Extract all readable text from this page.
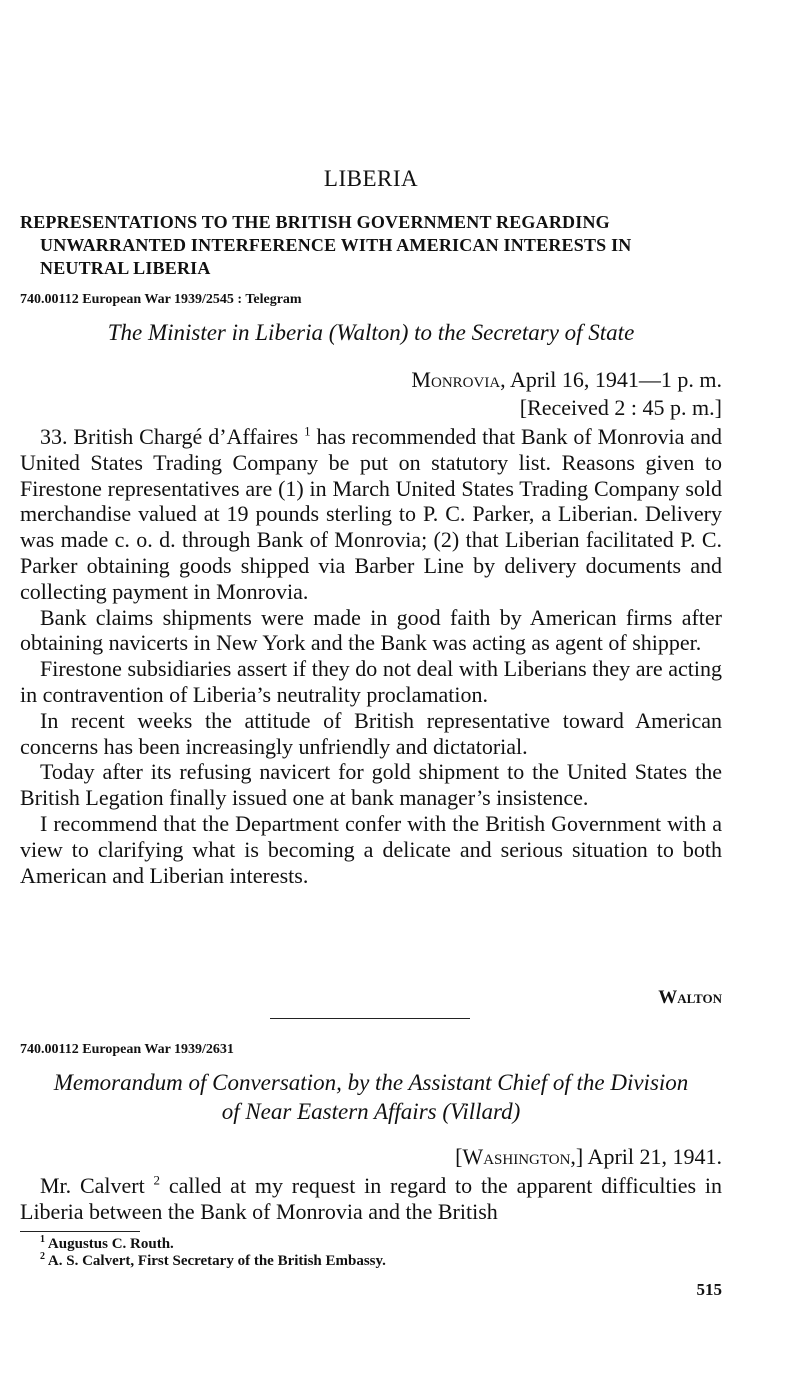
LIBERIA
REPRESENTATIONS TO THE BRITISH GOVERNMENT REGARDING
UNWARRANTED INTERFERENCE WITH AMERICAN INTERESTS IN
NEUTRAL LIBERIA
740.00112 European War 1939/2545 : Telegram
The Minister in Liberia (Walton) to the Secretary of State
Monrovia, April 16, 1941—1 p. m.
[Received 2 : 45 p. m.]

33. British Chargé d’Affaires $^1$ has recommended that Bank of Monrovia and United States Trading Company be put on statutory list. Reasons given to Firestone representatives are (1) in March United States Trading Company sold merchandise valued at 19 pounds sterling to P. C. Parker, a Liberian. Delivery was made c. o. d. through Bank of Monrovia; (2) that Liberian facilitated P. C. Parker obtaining goods shipped via Barber Line by delivery documents and collecting payment in Monrovia.

Bank claims shipments were made in good faith by American firms after obtaining navicerts in New York and the Bank was acting as agent of shipper.

Firestone subsidiaries assert if they do not deal with Liberians they are acting in contravention of Liberia’s neutrality proclamation.

In recent weeks the attitude of British representative toward American concerns has been increasingly unfriendly and dictatorial.

Today after its refusing navicert for gold shipment to the United States the British Legation finally issued one at bank manager’s insistence.

I recommend that the Department confer with the British Government with a view to clarifying what is becoming a delicate and serious situation to both American and Liberian interests.

Walton
740.00112 European War 1939/2631
Memorandum of Conversation, by the Assistant Chief of the Division
of Near Eastern Affairs (Villard)
[Washington,] April 21, 1941.

Mr. Calvert $^2$ called at my request in regard to the apparent difficulties in Liberia between the Bank of Monrovia and the British

$^1$ Augustus C. Routh.
$^2$ A. S. Calvert, First Secretary of the British Embassy.
515
